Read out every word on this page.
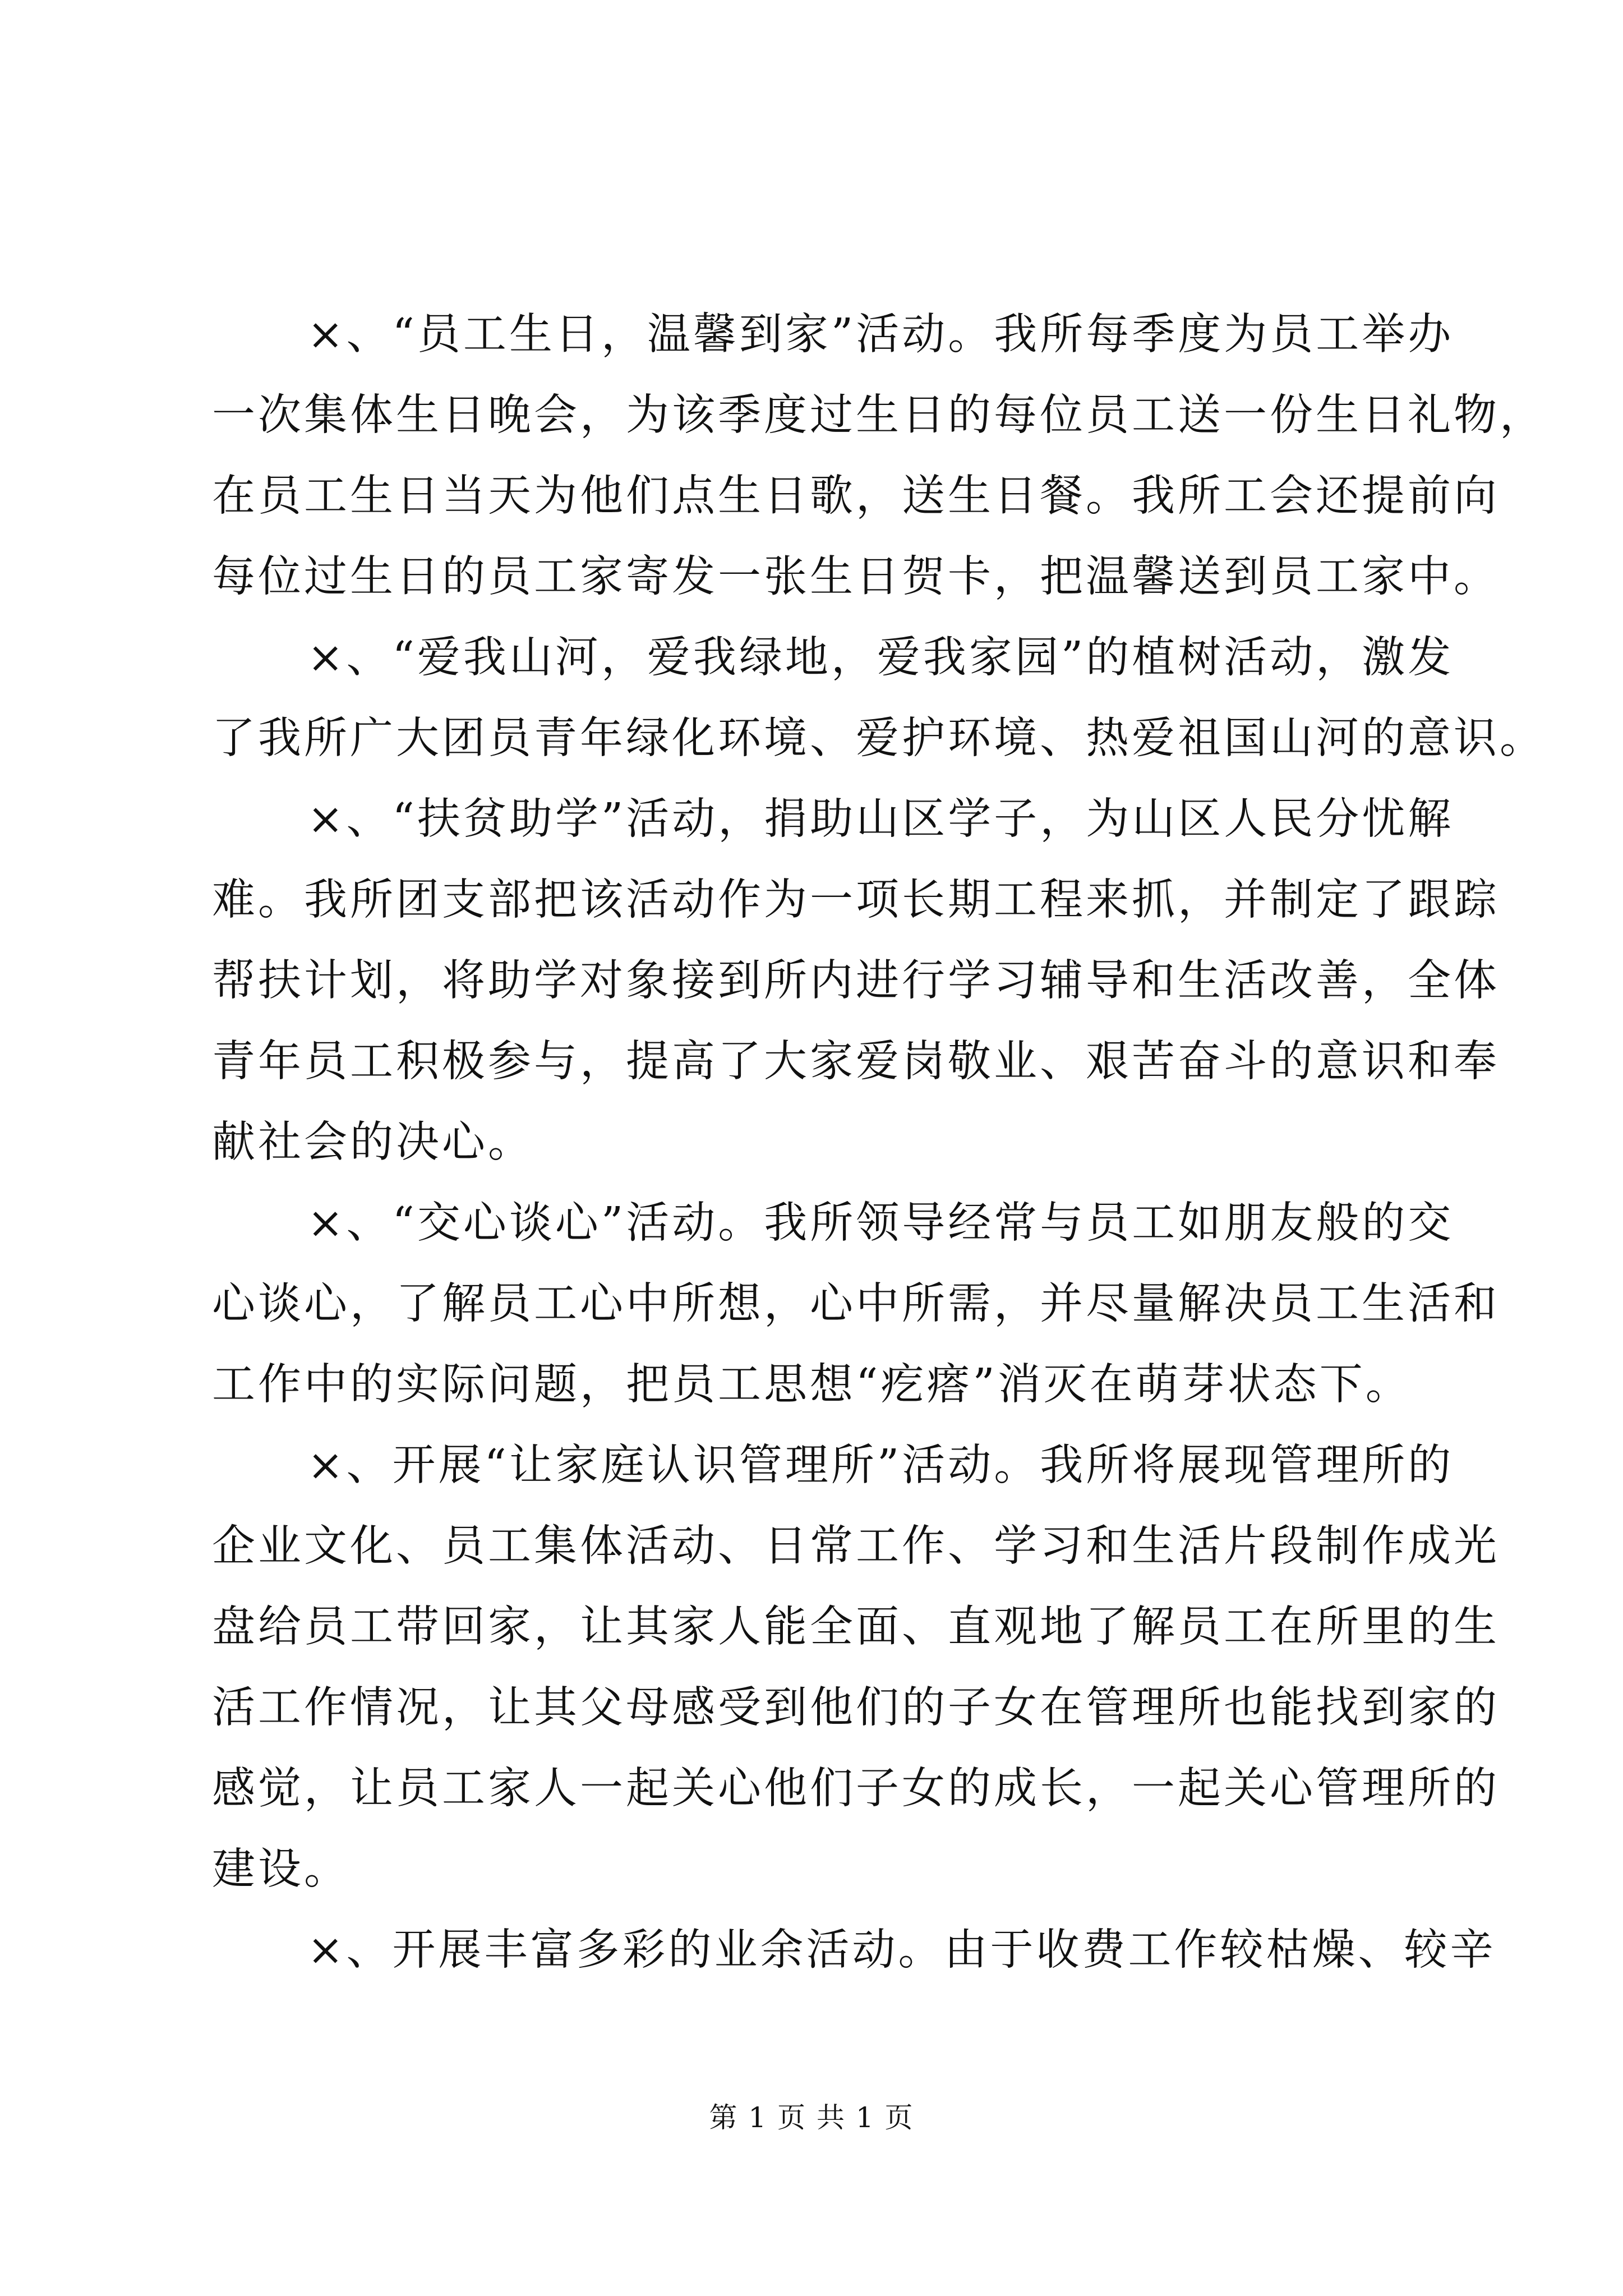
×、“员工生日，温馨到家”活动。我所每季度为员工举办
一次集体生日晚会，为该季度过生日的每位员工送一份生日礼物，
在员工生日当天为他们点生日歌，送生日餐。我所工会还提前向
每位过生日的员工家寄发一张生日贺卡，把温馨送到员工家中。
×、“爱我山河，爱我绿地，爱我家园”的植树活动，激发
了我所广大团员青年绿化环境、爱护环境、热爱祖国山河的意识。
×、“扶贫助学”活动，捐助山区学子，为山区人民分忧解
难。我所团支部把该活动作为一项长期工程来抓，并制定了跟踪
帮扶计划，将助学对象接到所内进行学习辅导和生活改善，全体
青年员工积极参与，提高了大家爱岗敬业、艰苦奋斗的意识和奉
献社会的决心。
×、“交心谈心”活动。我所领导经常与员工如朋友般的交
心谈心，了解员工心中所想，心中所需，并尽量解决员工生活和
工作中的实际问题，把员工思想“疙瘩”消灭在萌芽状态下。
×、开展“让家庭认识管理所”活动。我所将展现管理所的
企业文化、员工集体活动、日常工作、学习和生活片段制作成光
盘给员工带回家，让其家人能全面、直观地了解员工在所里的生
活工作情况，让其父母感受到他们的子女在管理所也能找到家的
感觉，让员工家人一起关心他们子女的成长，一起关心管理所的
建设。
×、开展丰富多彩的业余活动。由于收费工作较枯燥、较辛
第 1 页 共 1 页
